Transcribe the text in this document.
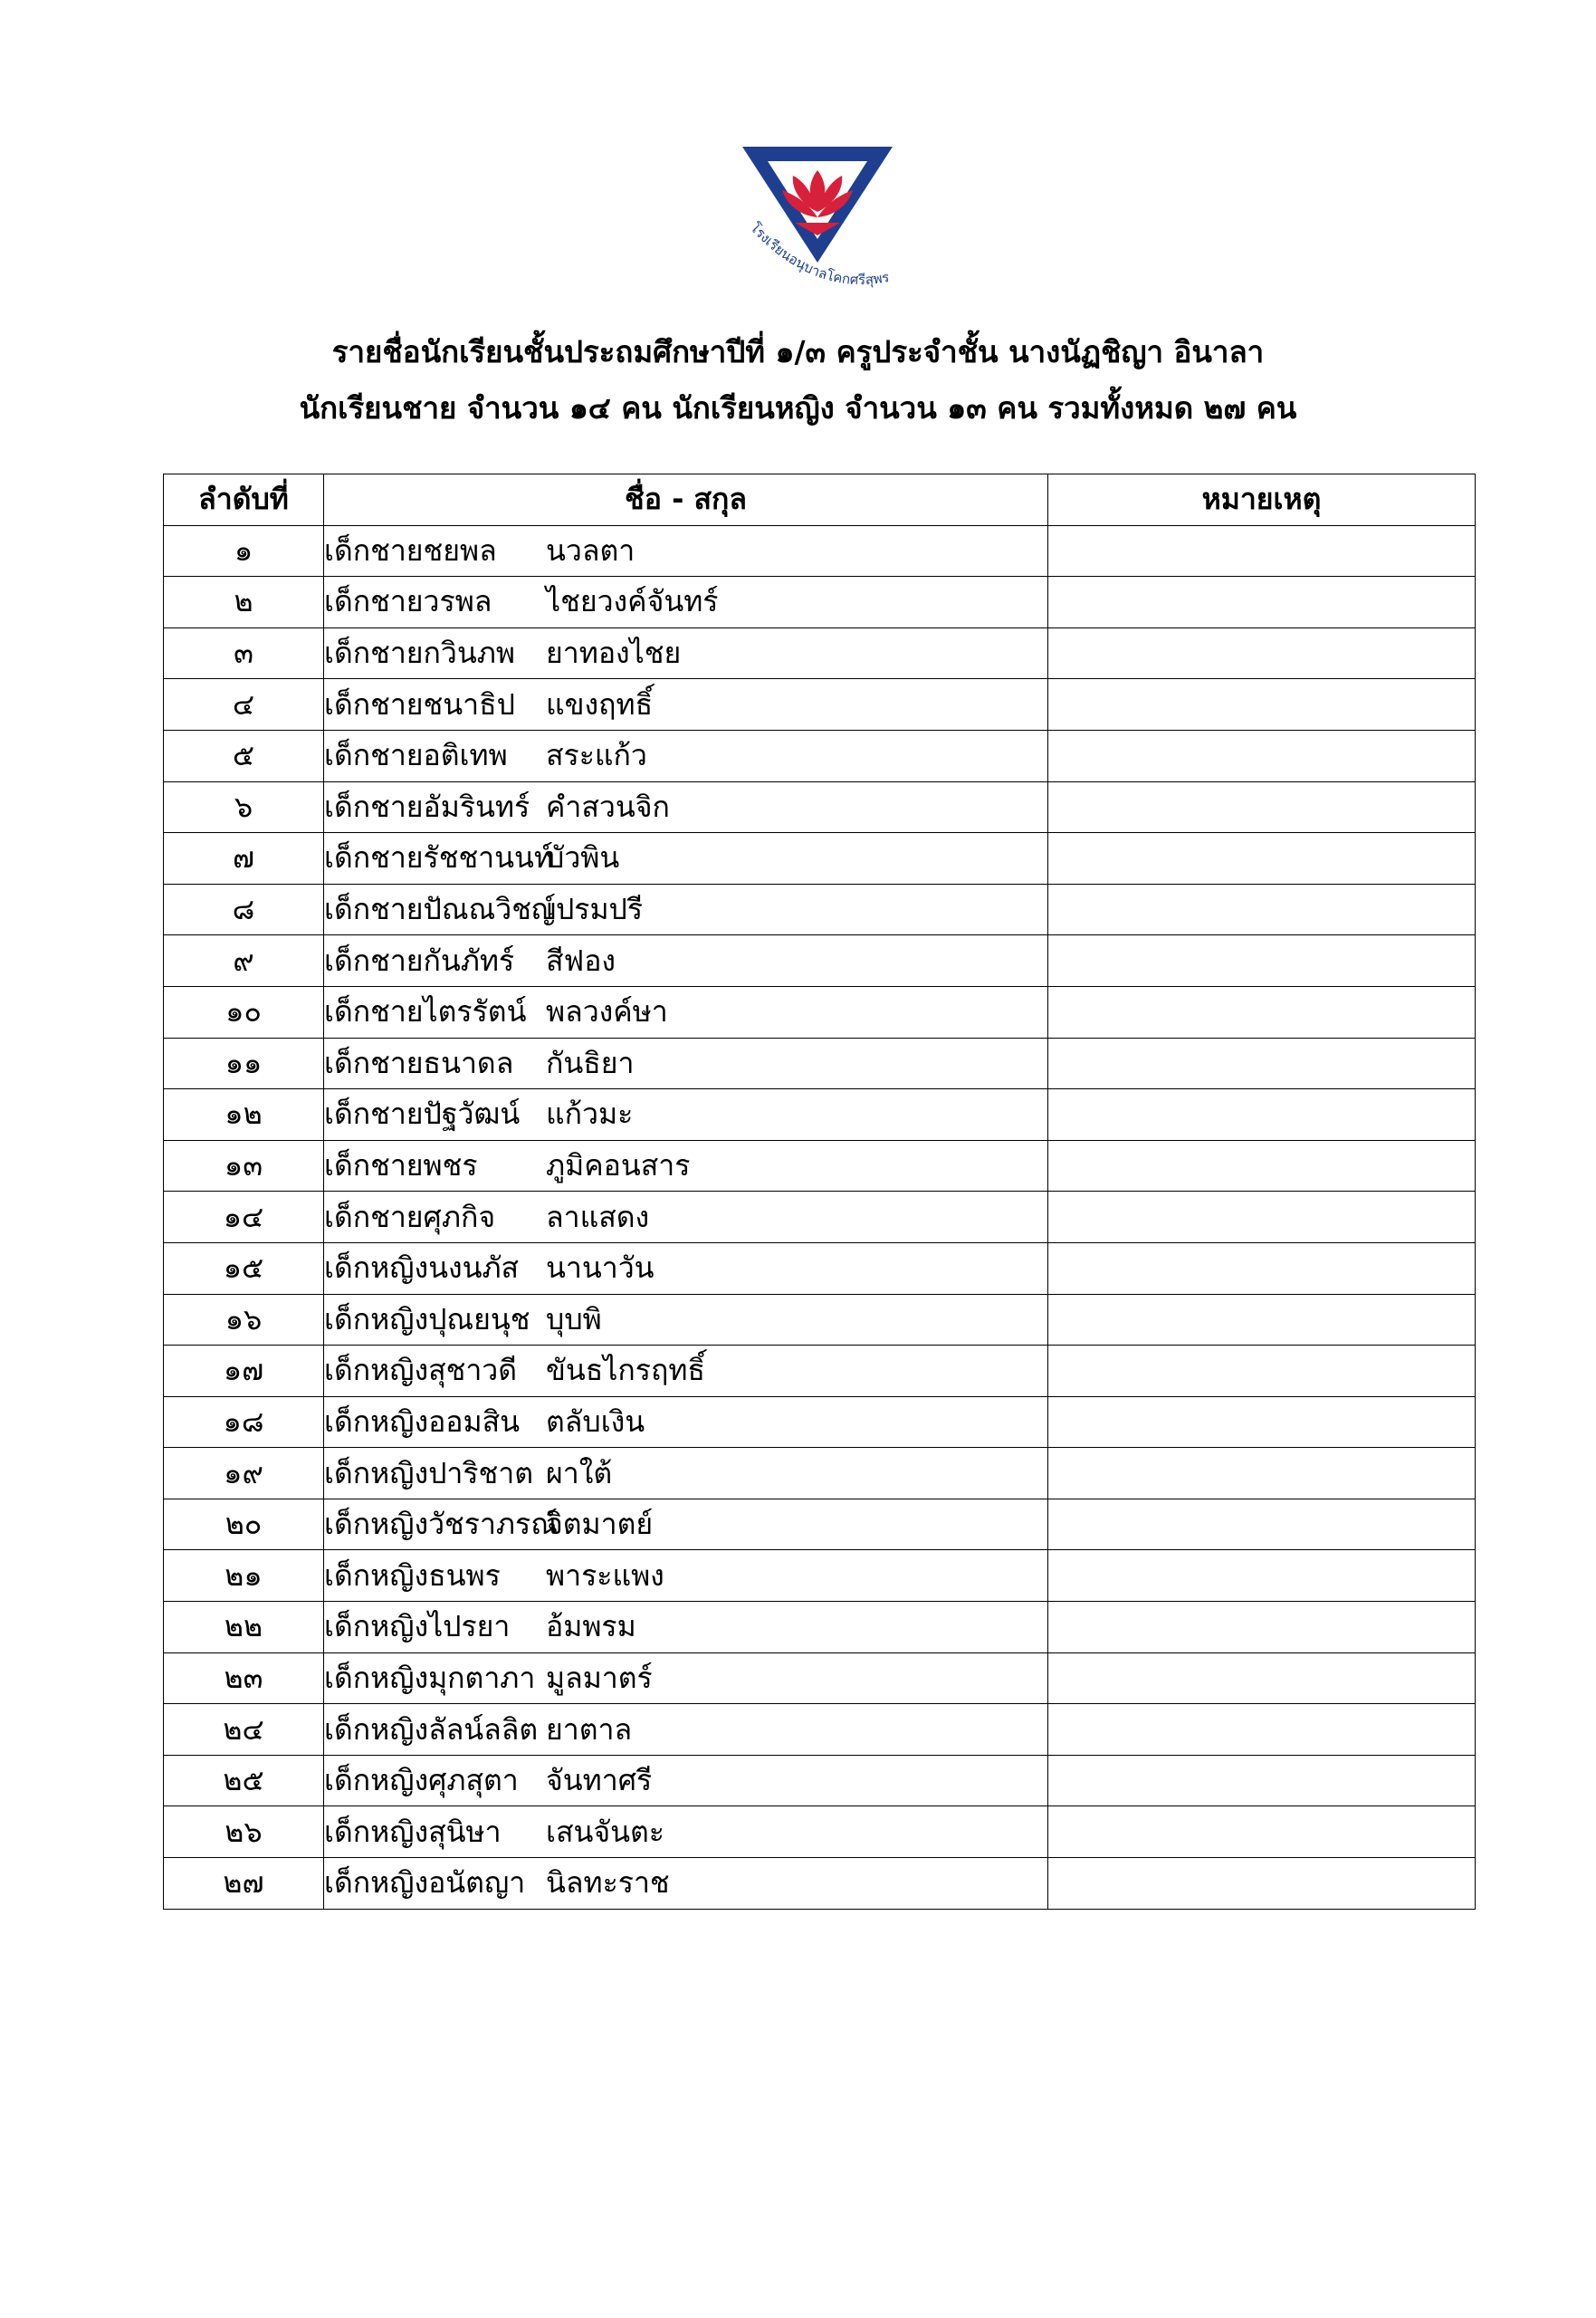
โรงเรียนอนุบาลโคกศรีสุพร
รายชื่อนักเรียนชั้นประถมศึกษาปีที่ ๑/๓ ครูประจำชั้น นางนัฏชิญา อินาลา
นักเรียนชาย จำนวน ๑๔ คน นักเรียนหญิง จำนวน ๑๓ คน รวมทั้งหมด ๒๗ คน
ลำดับที่	ชื่อ - สกุล	หมายเหตุ
๑	เด็กชายชยพล นวลตา	
๒	เด็กชายวรพล ไชยวงค์จันทร์	
๓	เด็กชายกวินภพ ยาทองไชย	
๔	เด็กชายชนาธิป แขงฤทธิ์	
๕	เด็กชายอติเทพ สระแก้ว	
๖	เด็กชายอัมรินทร์ คำสวนจิก	
๗	เด็กชายรัชชานนท์บัวพิน	
๘	เด็กชายปัณณวิชญ์เปรมปรี	
๙	เด็กชายกันภัทร์ สีฟอง	
๑๐	เด็กชายไตรรัตน์ พลวงค์ษา	
๑๑	เด็กชายธนาดล กันธิยา	
๑๒	เด็กชายปัฐวัฒน์ แก้วมะ	
๑๓	เด็กชายพชร ภูมิคอนสาร	
๑๔	เด็กชายศุภกิจ ลาแสดง	
๑๕	เด็กหญิงนงนภัส นานาวัน	
๑๖	เด็กหญิงปุณยนุช บุบพิ	
๑๗	เด็กหญิงสุชาวดี ขันธไกรฤทธิ์	
๑๘	เด็กหญิงออมสิน ตลับเงิน	
๑๙	เด็กหญิงปาริชาต ผาใต้	
๒๐	เด็กหญิงวัชราภรณ์จิตมาตย์	
๒๑	เด็กหญิงธนพร พาระแพง	
๒๒	เด็กหญิงไปรยา อ้มพรม	
๒๓	เด็กหญิงมุกตาภา มูลมาตร์	
๒๔	เด็กหญิงลัลน์ลลิต ยาตาล	
๒๕	เด็กหญิงศุภสุตา จันทาศรี	
๒๖	เด็กหญิงสุนิษา เสนจันตะ	
๒๗	เด็กหญิงอนัตญา นิลทะราช	
